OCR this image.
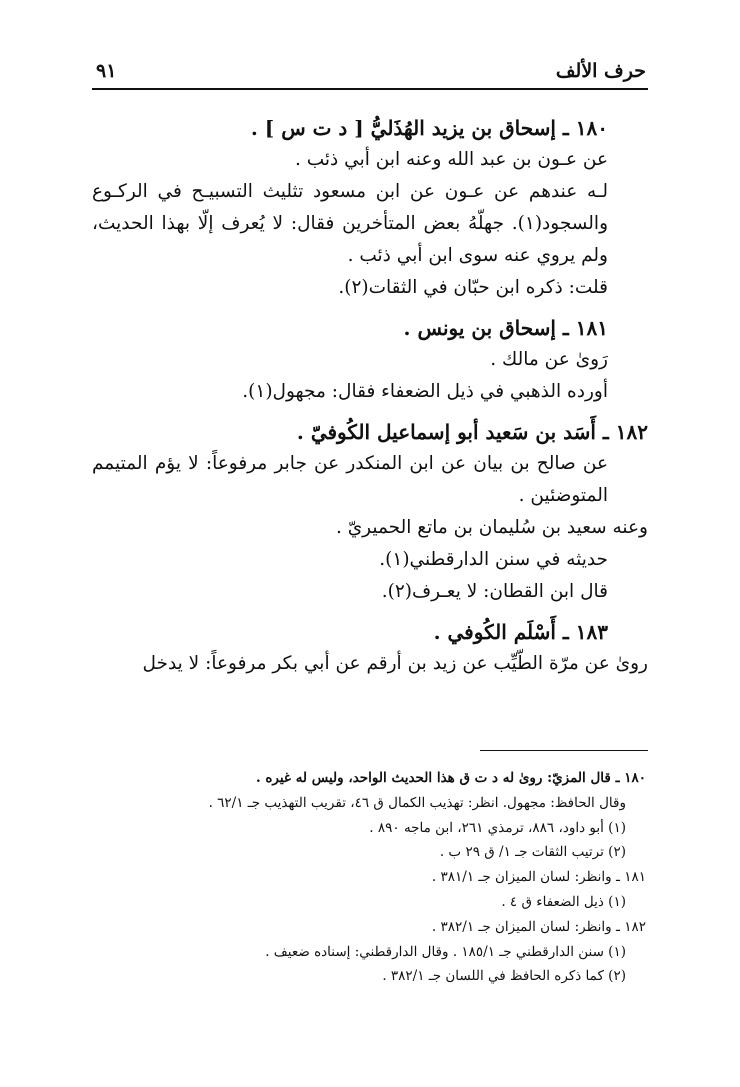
حرف الألف
٩١

١٨٠ ـ إسحاق بن يزيد الهُذَليُّ [ د ت س ] .

عن عـون بن عبد الله وعنه ابن أبي ذئب .

لـه عندهم عن عـون عن ابن مسعود تثليث التسبيـح في الركـوع والسجود(١). جهلّهُ بعض المتأخرين فقال: لا يُعرف إلّا بهذا الحديث، ولم يروي عنه سوى ابن أبي ذئب .

قلت: ذكره ابن حبّان في الثقات(٢).

١٨١ ـ إسحاق بن يونس .

رَوىٰ عن مالك .

أورده الذهبي في ذيل الضعفاء فقال: مجهول(١).

١٨٢ ـ أَسَد بن سَعيد أبو إسماعيل الكُوفيّ .

عن صالح بن بيان عن ابن المنكدر عن جابر مرفوعاً: لا يؤم المتيمم المتوضئين .

وعنه سعيد بن سُليمان بن ماتع الحميريّ .

حديثه في سنن الدارقطني(١).

قال ابن القطان: لا يعـرف(٢).

١٨٣ ـ أَسْلَم الكُوفي .

روىٰ عن مرّة الطّيِّب عن زيد بن أرقم عن أبي بكر مرفوعاً: لا يدخل

١٨٠ ـ قال المزيّ: روىٰ له د ت ق هذا الحديث الواحد، وليس له غيره .

وقال الحافظ: مجهول. انظر: تهذيب الكمال ق ٤٦، تقريب التهذيب جـ ٦٢/١ .

(١) أبو داود، ٨٨٦، ترمذي ٢٦١، ابن ماجه ٨٩٠ .

(٢) ترتيب الثقات جـ ١/ ق ٢٩ ب .

١٨١ ـ وانظر: لسان الميزان جـ ٣٨١/١ .

(١) ذيل الضعفاء ق ٤ .

١٨٢ ـ وانظر: لسان الميزان جـ ٣٨٢/١ .

(١) سنن الدارقطني جـ ١٨٥/١ . وقال الدارقطني: إسناده ضعيف .

(٢) كما ذكره الحافظ في اللسان جـ ٣٨٢/١ .
